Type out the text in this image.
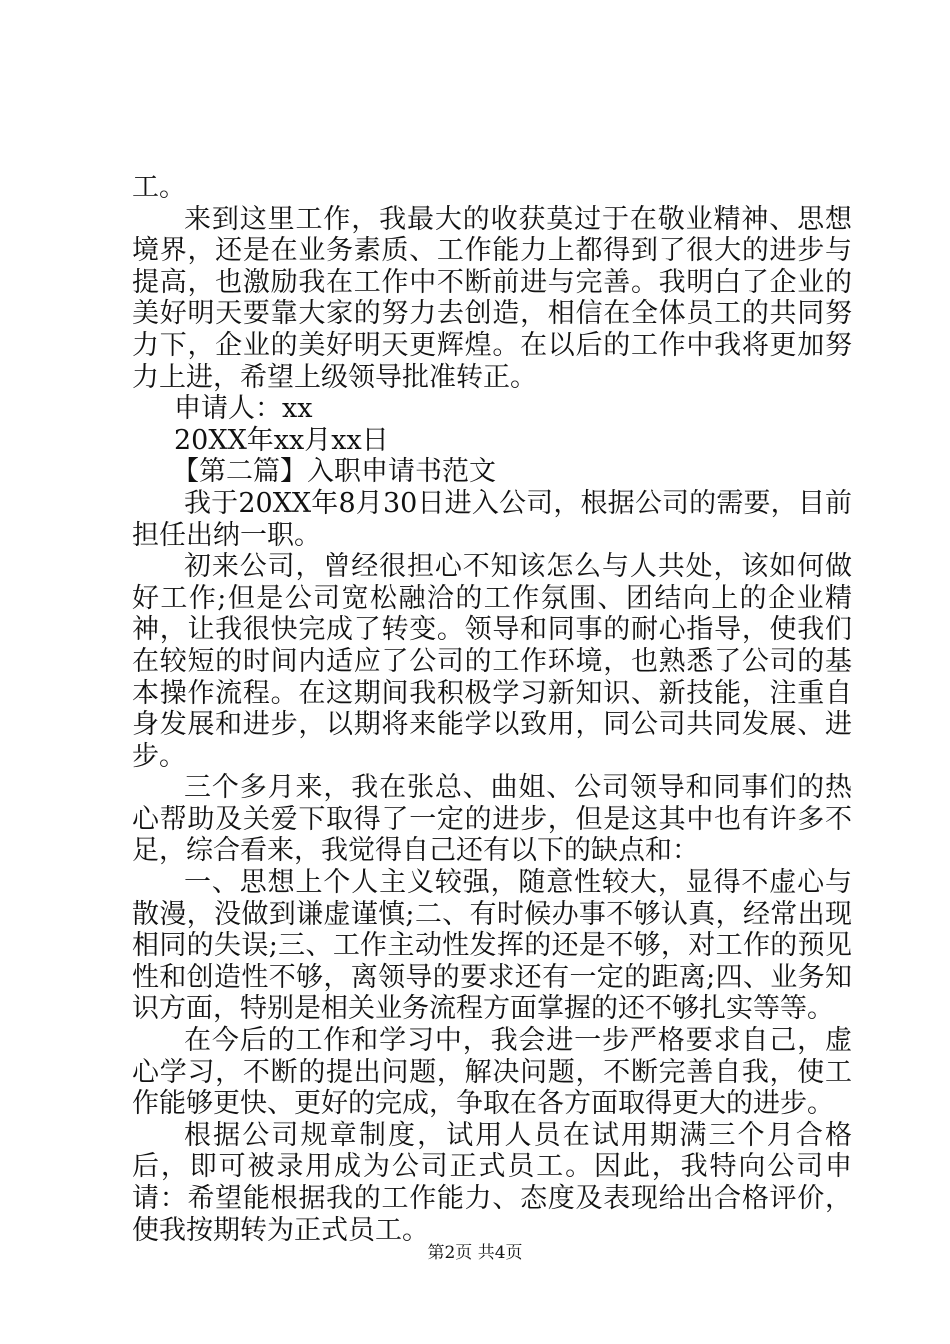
工。

来到这里工作，我最大的收获莫过于在敬业精神、思想境界，还是在业务素质、工作能力上都得到了很大的进步与提高，也激励我在工作中不断前进与完善。我明白了企业的美好明天要靠大家的努力去创造，相信在全体员工的共同努力下，企业的美好明天更辉煌。在以后的工作中我将更加努力上进，希望上级领导批准转正。

申请人：xx

20XX年xx月xx日

【第二篇】入职申请书范文

我于20XX年8月30日进入公司，根据公司的需要，目前担任出纳一职。

初来公司，曾经很担心不知该怎么与人共处，该如何做好工作;但是公司宽松融洽的工作氛围、团结向上的企业精神，让我很快完成了转变。领导和同事的耐心指导，使我们在较短的时间内适应了公司的工作环境，也熟悉了公司的基本操作流程。在这期间我积极学习新知识、新技能，注重自身发展和进步，以期将来能学以致用，同公司共同发展、进步。

三个多月来，我在张总、曲姐、公司领导和同事们的热心帮助及关爱下取得了一定的进步，但是这其中也有许多不足，综合看来，我觉得自己还有以下的缺点和：

一、思想上个人主义较强，随意性较大，显得不虚心与散漫，没做到谦虚谨慎;二、有时候办事不够认真，经常出现相同的失误;三、工作主动性发挥的还是不够，对工作的预见性和创造性不够，离领导的要求还有一定的距离;四、业务知识方面，特别是相关业务流程方面掌握的还不够扎实等等。

在今后的工作和学习中，我会进一步严格要求自己，虚心学习，不断的提出问题，解决问题，不断完善自我，使工作能够更快、更好的完成，争取在各方面取得更大的进步。

根据公司规章制度，试用人员在试用期满三个月合格后，即可被录用成为公司正式员工。因此，我特向公司申请：希望能根据我的工作能力、态度及表现给出合格评价，使我按期转为正式员工。

第2页 共4页
